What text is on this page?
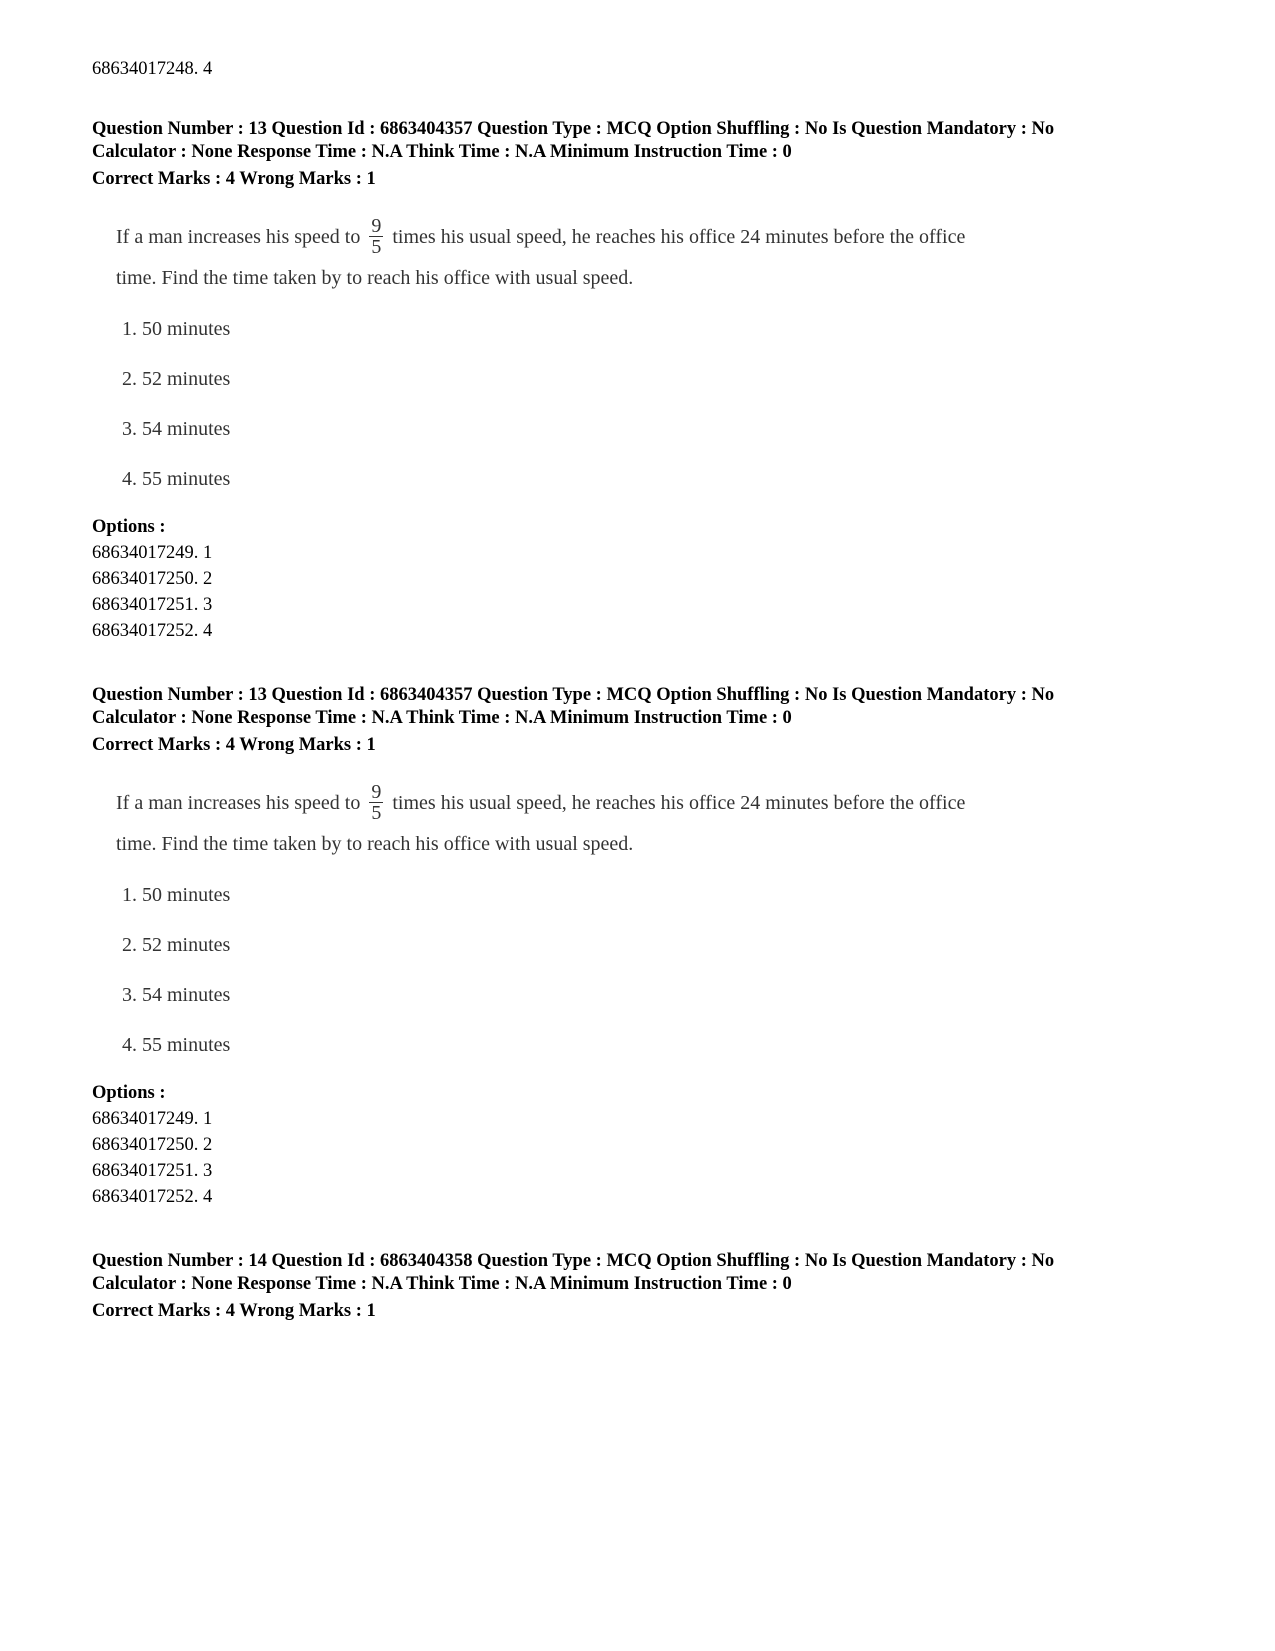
68634017248. 4
Question Number : 13 Question Id : 6863404357 Question Type : MCQ Option Shuffling : No Is Question Mandatory : No
Calculator : None Response Time : N.A Think Time : N.A Minimum Instruction Time : 0
Correct Marks : 4 Wrong Marks : 1
If a man increases his speed to $\frac{9}{5}$ times his usual speed, he reaches his office 24 minutes before the office
time. Find the time taken by to reach his office with usual speed.
1. 50 minutes
2. 52 minutes
3. 54 minutes
4. 55 minutes
Options :
68634017249. 1
68634017250. 2
68634017251. 3
68634017252. 4
Question Number : 13 Question Id : 6863404357 Question Type : MCQ Option Shuffling : No Is Question Mandatory : No
Calculator : None Response Time : N.A Think Time : N.A Minimum Instruction Time : 0
Correct Marks : 4 Wrong Marks : 1
If a man increases his speed to $\frac{9}{5}$ times his usual speed, he reaches his office 24 minutes before the office
time. Find the time taken by to reach his office with usual speed.
1. 50 minutes
2. 52 minutes
3. 54 minutes
4. 55 minutes
Options :
68634017249. 1
68634017250. 2
68634017251. 3
68634017252. 4
Question Number : 14 Question Id : 6863404358 Question Type : MCQ Option Shuffling : No Is Question Mandatory : No
Calculator : None Response Time : N.A Think Time : N.A Minimum Instruction Time : 0
Correct Marks : 4 Wrong Marks : 1
